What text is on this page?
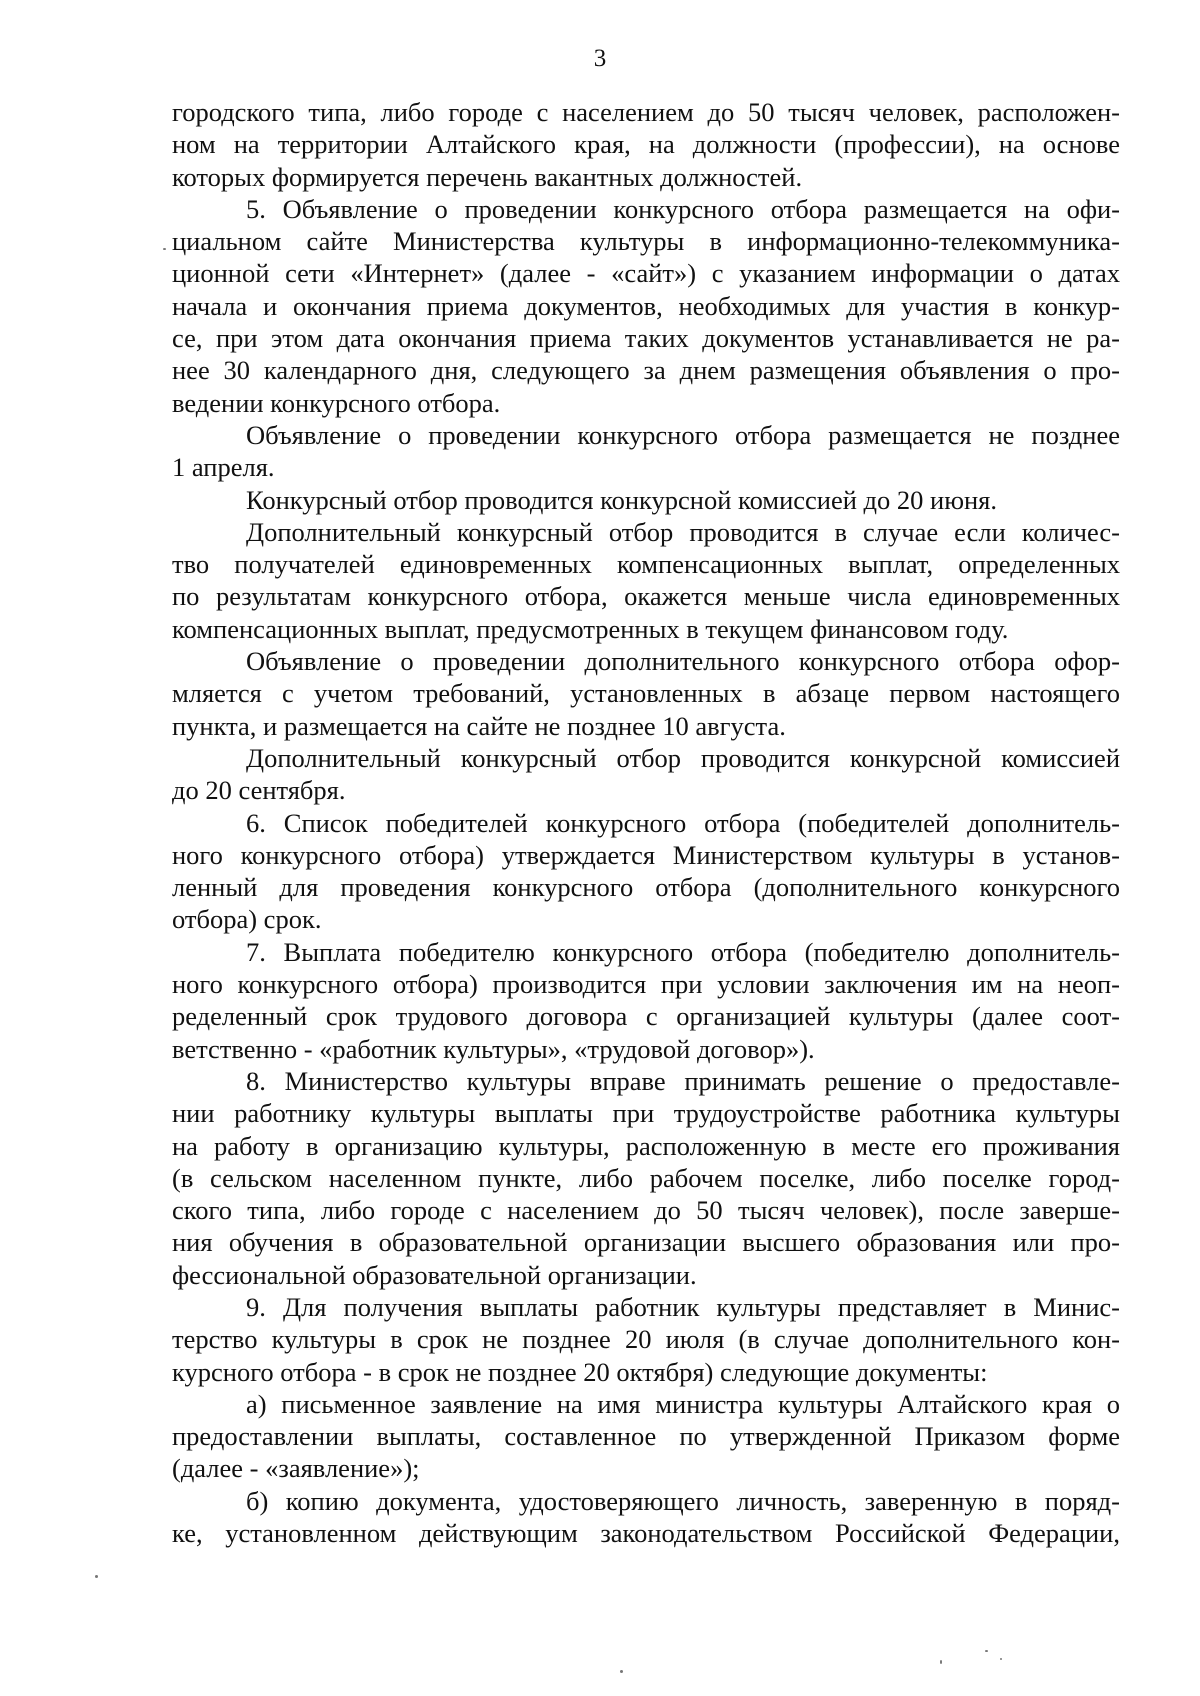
3
городского типа, либо городе с населением до 50 тысяч человек, расположен-
ном на территории Алтайского края, на должности (профессии), на основе
которых формируется перечень вакантных должностей.
5. Объявление о проведении конкурсного отбора размещается на офи-
циальном сайте Министерства культуры в информационно-телекоммуника-
ционной сети «Интернет» (далее - «сайт») с указанием информации о датах
начала и окончания приема документов, необходимых для участия в конкур-
се, при этом дата окончания приема таких документов устанавливается не ра-
нее 30 календарного дня, следующего за днем размещения объявления о про-
ведении конкурсного отбора.
Объявление о проведении конкурсного отбора размещается не позднее
1 апреля.
Конкурсный отбор проводится конкурсной комиссией до 20 июня.
Дополнительный конкурсный отбор проводится в случае если количес-
тво получателей единовременных компенсационных выплат, определенных
по результатам конкурсного отбора, окажется меньше числа единовременных
компенсационных выплат, предусмотренных в текущем финансовом году.
Объявление о проведении дополнительного конкурсного отбора офор-
мляется с учетом требований, установленных в абзаце первом настоящего
пункта, и размещается на сайте не позднее 10 августа.
Дополнительный конкурсный отбор проводится конкурсной комиссией
до 20 сентября.
6. Список победителей конкурсного отбора (победителей дополнитель-
ного конкурсного отбора) утверждается Министерством культуры в установ-
ленный для проведения конкурсного отбора (дополнительного конкурсного
отбора) срок.
7. Выплата победителю конкурсного отбора (победителю дополнитель-
ного конкурсного отбора) производится при условии заключения им на неоп-
ределенный срок трудового договора с организацией культуры (далее соот-
ветственно - «работник культуры», «трудовой договор»).
8. Министерство культуры вправе принимать решение о предоставле-
нии работнику культуры выплаты при трудоустройстве работника культуры
на работу в организацию культуры, расположенную в месте его проживания
(в сельском населенном пункте, либо рабочем поселке, либо поселке город-
ского типа, либо городе с населением до 50 тысяч человек), после заверше-
ния обучения в образовательной организации высшего образования или про-
фессиональной образовательной организации.
9. Для получения выплаты работник культуры представляет в Минис-
терство культуры в срок не позднее 20 июля (в случае дополнительного кон-
курсного отбора - в срок не позднее 20 октября) следующие документы:
а) письменное заявление на имя министра культуры Алтайского края о
предоставлении выплаты, составленное по утвержденной Приказом форме
(далее - «заявление»);
б) копию документа, удостоверяющего личность, заверенную в поряд-
ке, установленном действующим законодательством Российской Федерации,
